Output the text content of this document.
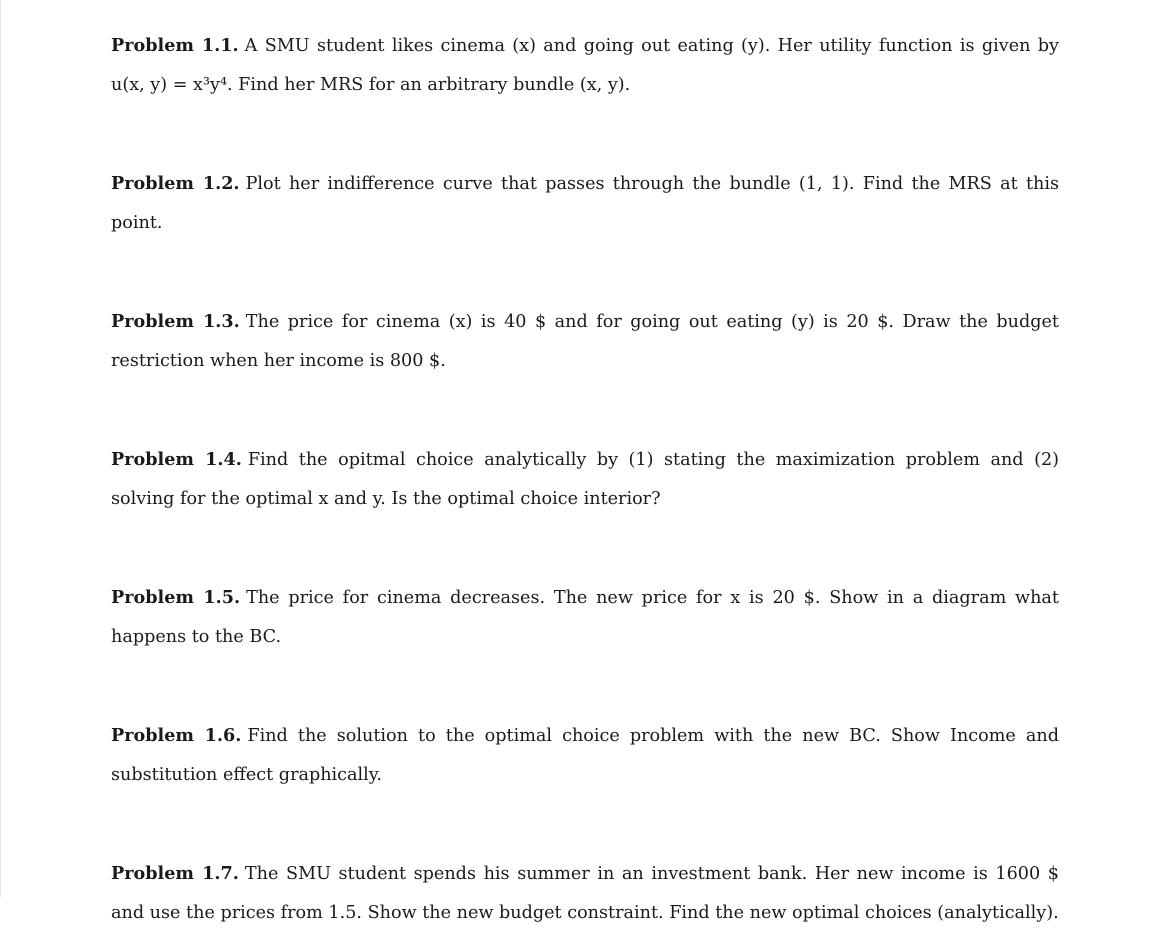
Problem 1.1. A SMU student likes cinema (x) and going out eating (y). Her utility function is given by u(x, y) = x³y⁴. Find her MRS for an arbitrary bundle (x, y).

Problem 1.2. Plot her indifference curve that passes through the bundle (1, 1). Find the MRS at this point.

Problem 1.3. The price for cinema (x) is 40 $ and for going out eating (y) is 20 $. Draw the budget restriction when her income is 800 $.

Problem 1.4. Find the opitmal choice analytically by (1) stating the maximization problem and (2) solving for the optimal x and y. Is the optimal choice interior?

Problem 1.5. The price for cinema decreases. The new price for x is 20 $. Show in a diagram what happens to the BC.

Problem 1.6. Find the solution to the optimal choice problem with the new BC. Show Income and substitution effect graphically.

Problem 1.7. The SMU student spends his summer in an investment bank. Her new income is 1600 $ and use the prices from 1.5. Show the new budget constraint. Find the new optimal choices (analytically).
